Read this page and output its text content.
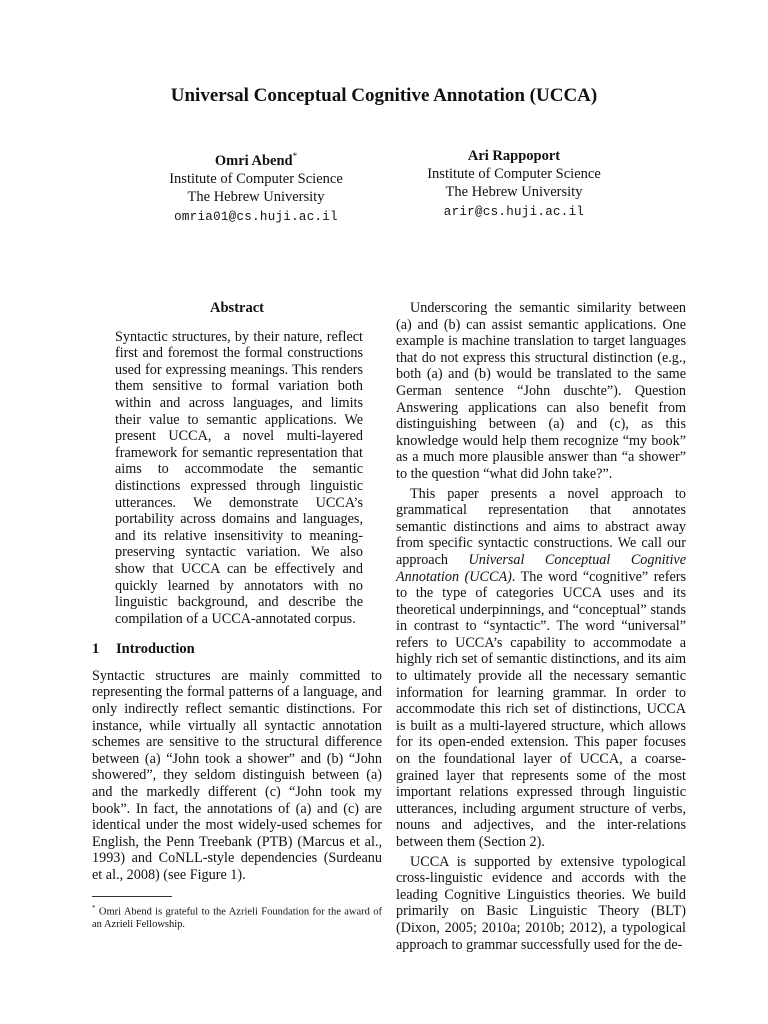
Universal Conceptual Cognitive Annotation (UCCA)
Omri Abend*
Institute of Computer Science
The Hebrew University
omria01@cs.huji.ac.il
Ari Rappoport
Institute of Computer Science
The Hebrew University
arir@cs.huji.ac.il
Abstract
Syntactic structures, by their nature, reflect first and foremost the formal constructions used for expressing meanings. This renders them sensitive to formal variation both within and across languages, and limits their value to semantic applications. We present UCCA, a novel multi-layered framework for semantic representation that aims to accommodate the semantic distinctions expressed through linguistic utterances. We demonstrate UCCA’s portability across domains and languages, and its relative insensitivity to meaning-preserving syntactic variation. We also show that UCCA can be effectively and quickly learned by annotators with no linguistic background, and describe the compilation of a UCCA-annotated corpus.
1 Introduction

Syntactic structures are mainly committed to representing the formal patterns of a language, and only indirectly reflect semantic distinctions. For instance, while virtually all syntactic annotation schemes are sensitive to the structural difference between (a) “John took a shower” and (b) “John showered”, they seldom distinguish between (a) and the markedly different (c) “John took my book”. In fact, the annotations of (a) and (c) are identical under the most widely-used schemes for English, the Penn Treebank (PTB) (Marcus et al., 1993) and CoNLL-style dependencies (Surdeanu et al., 2008) (see Figure 1).

* Omri Abend is grateful to the Azrieli Foundation for the award of an Azrieli Fellowship.

Underscoring the semantic similarity between (a) and (b) can assist semantic applications. One example is machine translation to target languages that do not express this structural distinction (e.g., both (a) and (b) would be translated to the same German sentence “John duschte”). Question Answering applications can also benefit from distinguishing between (a) and (c), as this knowledge would help them recognize “my book” as a much more plausible answer than “a shower” to the question “what did John take?”.

This paper presents a novel approach to grammatical representation that annotates semantic distinctions and aims to abstract away from specific syntactic constructions. We call our approach Universal Conceptual Cognitive Annotation (UCCA). The word “cognitive” refers to the type of categories UCCA uses and its theoretical underpinnings, and “conceptual” stands in contrast to “syntactic”. The word “universal” refers to UCCA’s capability to accommodate a highly rich set of semantic distinctions, and its aim to ultimately provide all the necessary semantic information for learning grammar. In order to accommodate this rich set of distinctions, UCCA is built as a multi-layered structure, which allows for its open-ended extension. This paper focuses on the foundational layer of UCCA, a coarse-grained layer that represents some of the most important relations expressed through linguistic utterances, including argument structure of verbs, nouns and adjectives, and the inter-relations between them (Section 2).

UCCA is supported by extensive typological cross-linguistic evidence and accords with the leading Cognitive Linguistics theories. We build primarily on Basic Linguistic Theory (BLT) (Dixon, 2005; 2010a; 2010b; 2012), a typological approach to grammar successfully used for the de-
